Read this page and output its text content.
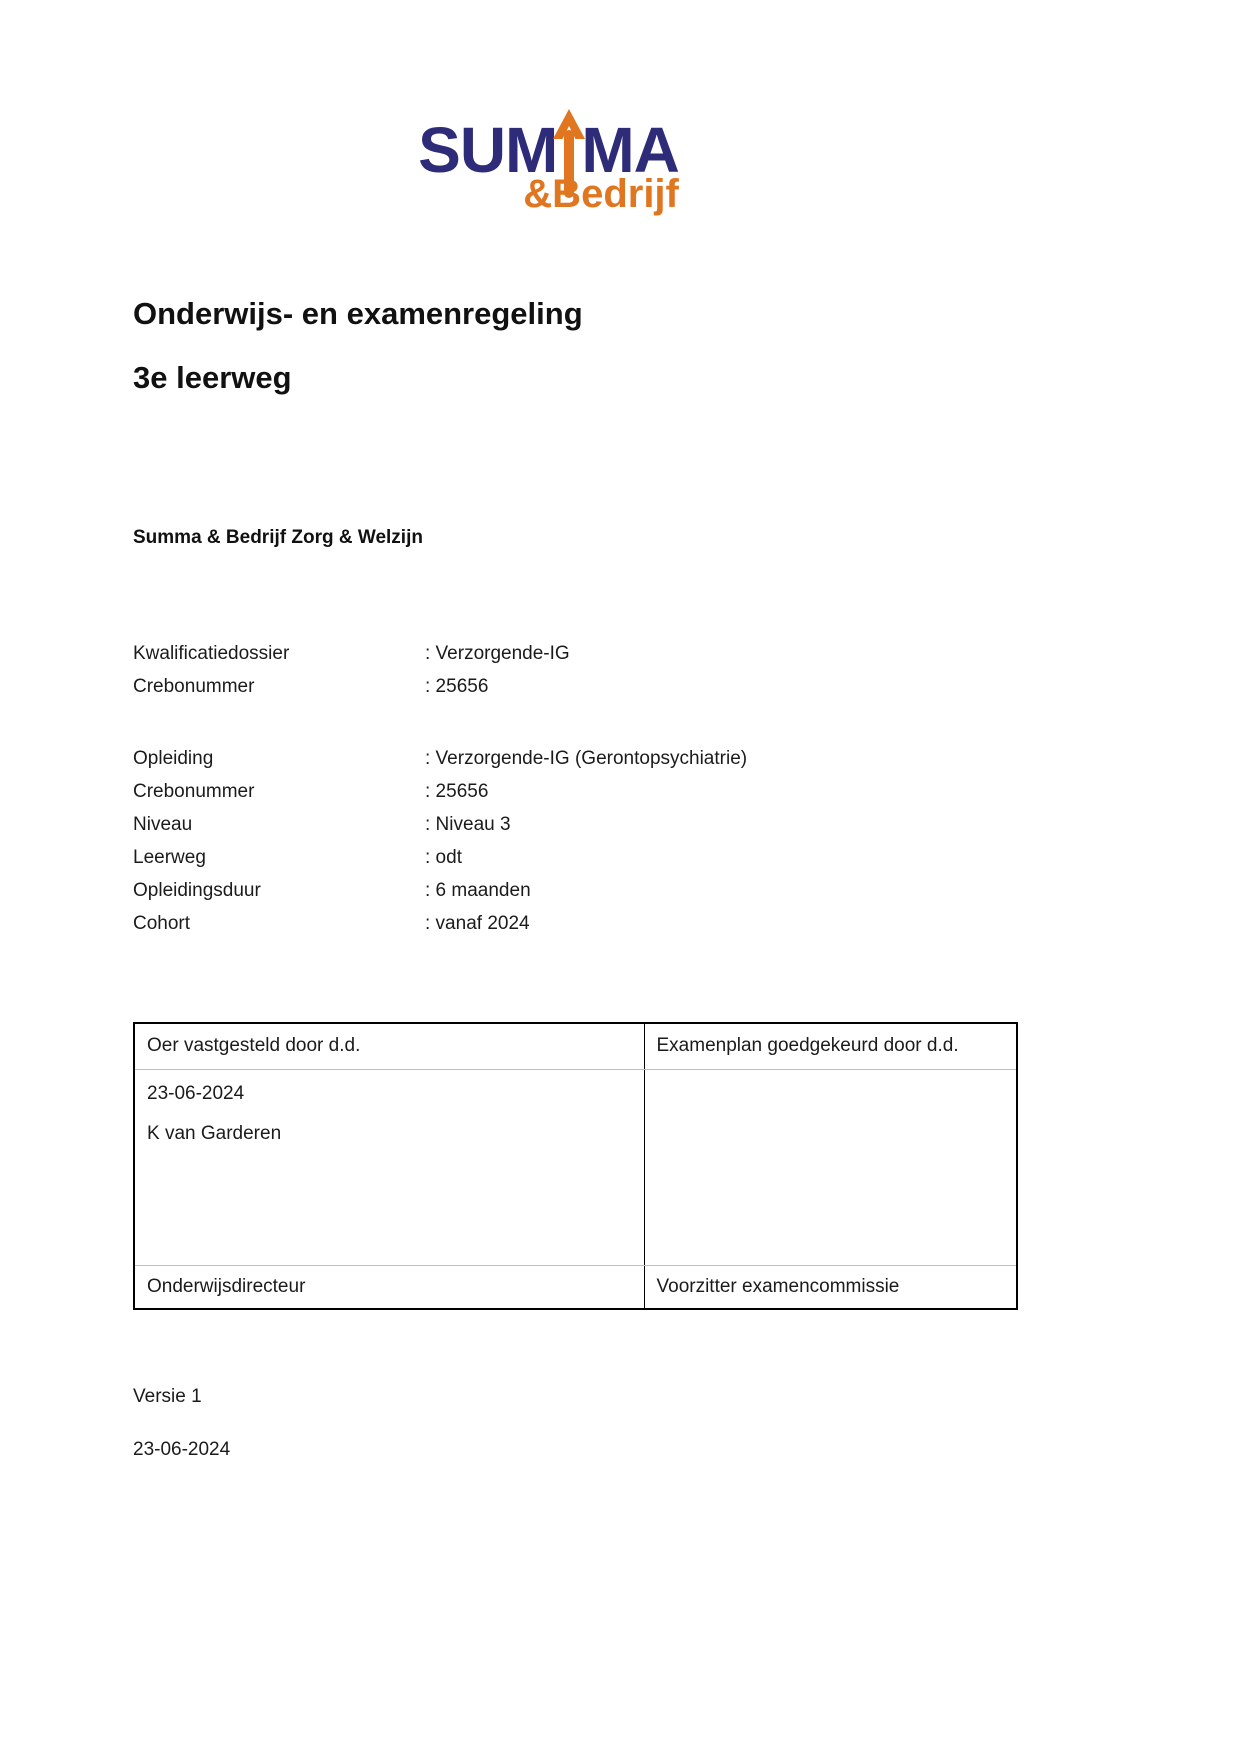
SUM MA
&Bedrijf
Onderwijs- en examenregeling
3e leerweg
Summa & Bedrijf Zorg & Welzijn
Kwalificatiedossier	: Verzorgende-IG
Crebonummer	: 25656
Opleiding	: Verzorgende-IG (Gerontopsychiatrie)
Crebonummer	: 25656
Niveau	: Niveau 3
Leerweg	: odt
Opleidingsduur	: 6 maanden
Cohort	: vanaf 2024
Oer vastgesteld door d.d.	Examenplan goedgekeurd door d.d.

23-06-2024
K van Garderen	

Onderwijsdirecteur	Voorzitter examencommissie
Versie 1
23-06-2024
